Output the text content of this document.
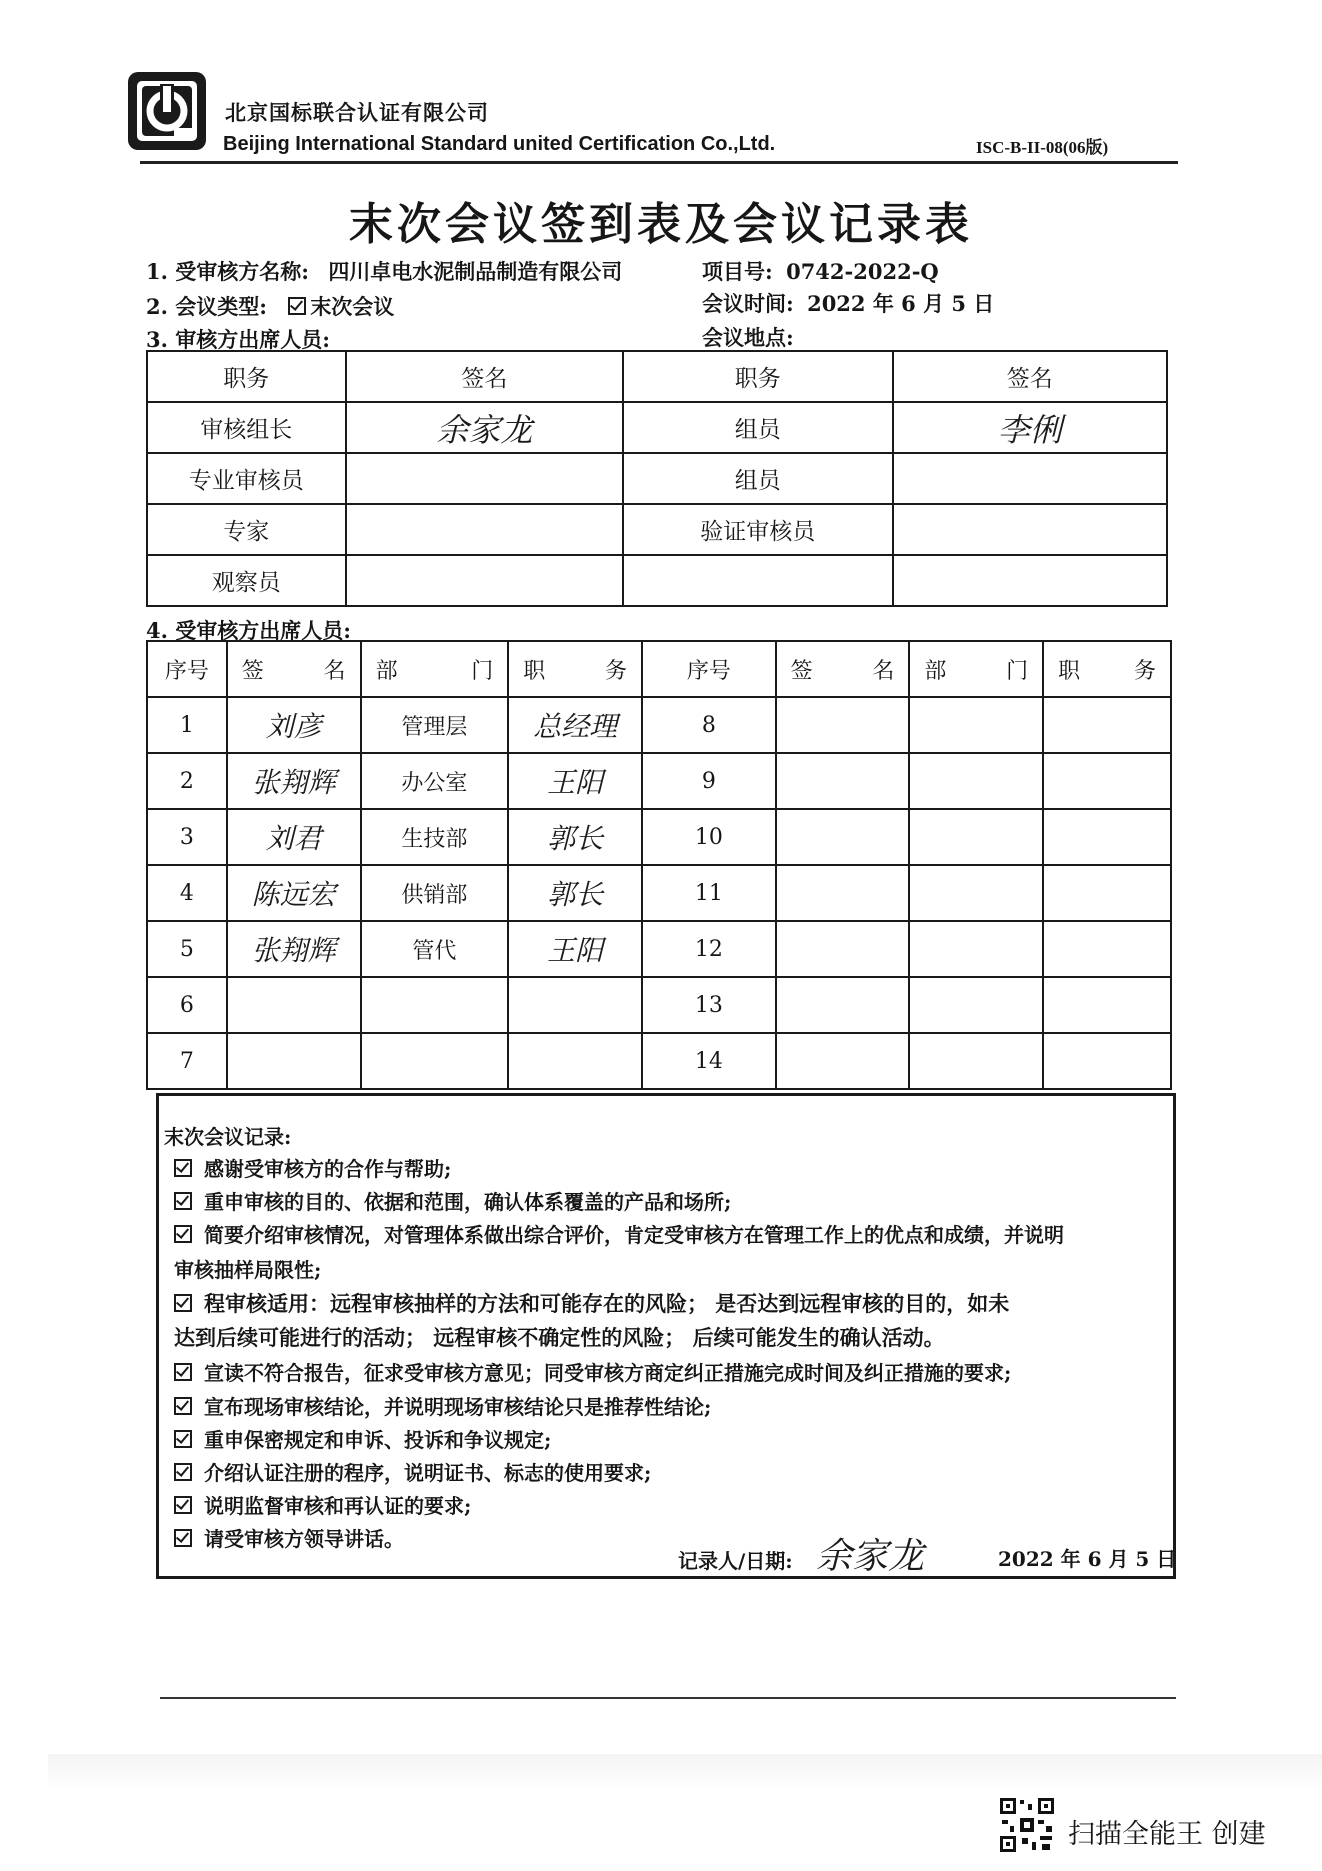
北京国标联合认证有限公司
Beijing International Standard united Certification Co.,Ltd.	ISC-B-II-08(06版)
末次会议签到表及会议记录表
1. 受审核方名称: 四川卓电水泥制品制造有限公司	项目号: 0742-2022-Q
2. 会议类型: 末次会议	会议时间: 2022 年 6 月 5 日
3. 审核方出席人员:	会议地点:
职务	签名	职务	签名
审核组长	余家龙	组员	李俐
专业审核员		组员	
专家		验证审核员	
观察员			
4. 受审核方出席人员:
序号	签 名	部 门	职 务	序号	签 名	部 门	职 务

1	刘彦	管理层	总经理	8			
2	张翔辉	办公室	王阳	9			
3	刘君	生技部	郭长	10			
4	陈远宏	供销部	郭长	11			
5	张翔辉	管代	王阳	12			
6				13			
7				14			
末次会议记录:
感谢受审核方的合作与帮助;
重申审核的目的、依据和范围，确认体系覆盖的产品和场所;
简要介绍审核情况，对管理体系做出综合评价，肯定受审核方在管理工作上的优点和成绩，并说明
审核抽样局限性;
程审核适用：远程审核抽样的方法和可能存在的风险； 是否达到远程审核的目的，如未
达到后续可能进行的活动； 远程审核不确定性的风险； 后续可能发生的确认活动。
宣读不符合报告，征求受审核方意见；同受审核方商定纠正措施完成时间及纠正措施的要求;
宣布现场审核结论，并说明现场审核结论只是推荐性结论;
重申保密规定和申诉、投诉和争议规定;
介绍认证注册的程序，说明证书、标志的使用要求;
说明监督审核和再认证的要求;
请受审核方领导讲话。
记录人/日期: 余家龙	2022 年 6 月 5 日
扫描全能王 创建
